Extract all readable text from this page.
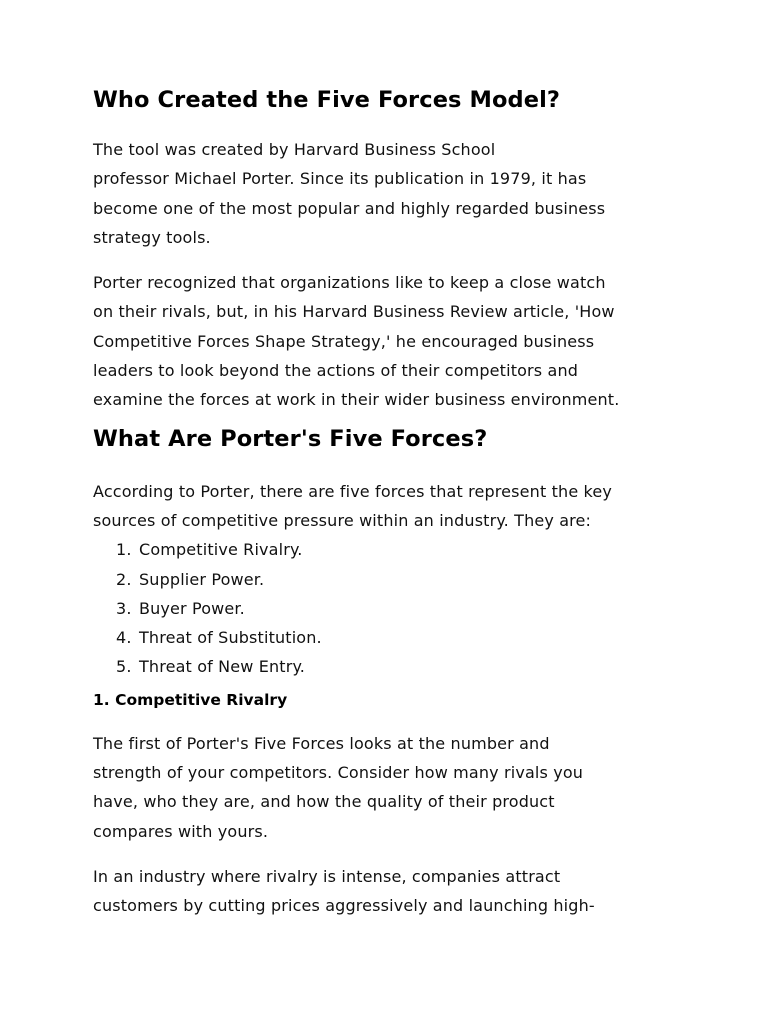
Who Created the Five Forces Model?

The tool was created by Harvard Business School
professor Michael Porter. Since its publication in 1979, it has
become one of the most popular and highly regarded business
strategy tools.

Porter recognized that organizations like to keep a close watch
on their rivals, but, in his Harvard Business Review article, 'How
Competitive Forces Shape Strategy,' he encouraged business
leaders to look beyond the actions of their competitors and
examine the forces at work in their wider business environment.

What Are Porter's Five Forces?

According to Porter, there are five forces that represent the key
sources of competitive pressure within an industry. They are:

1. Competitive Rivalry.
2. Supplier Power.
3. Buyer Power.
4. Threat of Substitution.
5. Threat of New Entry.
1. Competitive Rivalry

The first of Porter's Five Forces looks at the number and
strength of your competitors. Consider how many rivals you
have, who they are, and how the quality of their product
compares with yours.

In an industry where rivalry is intense, companies attract
customers by cutting prices aggressively and launching high-
